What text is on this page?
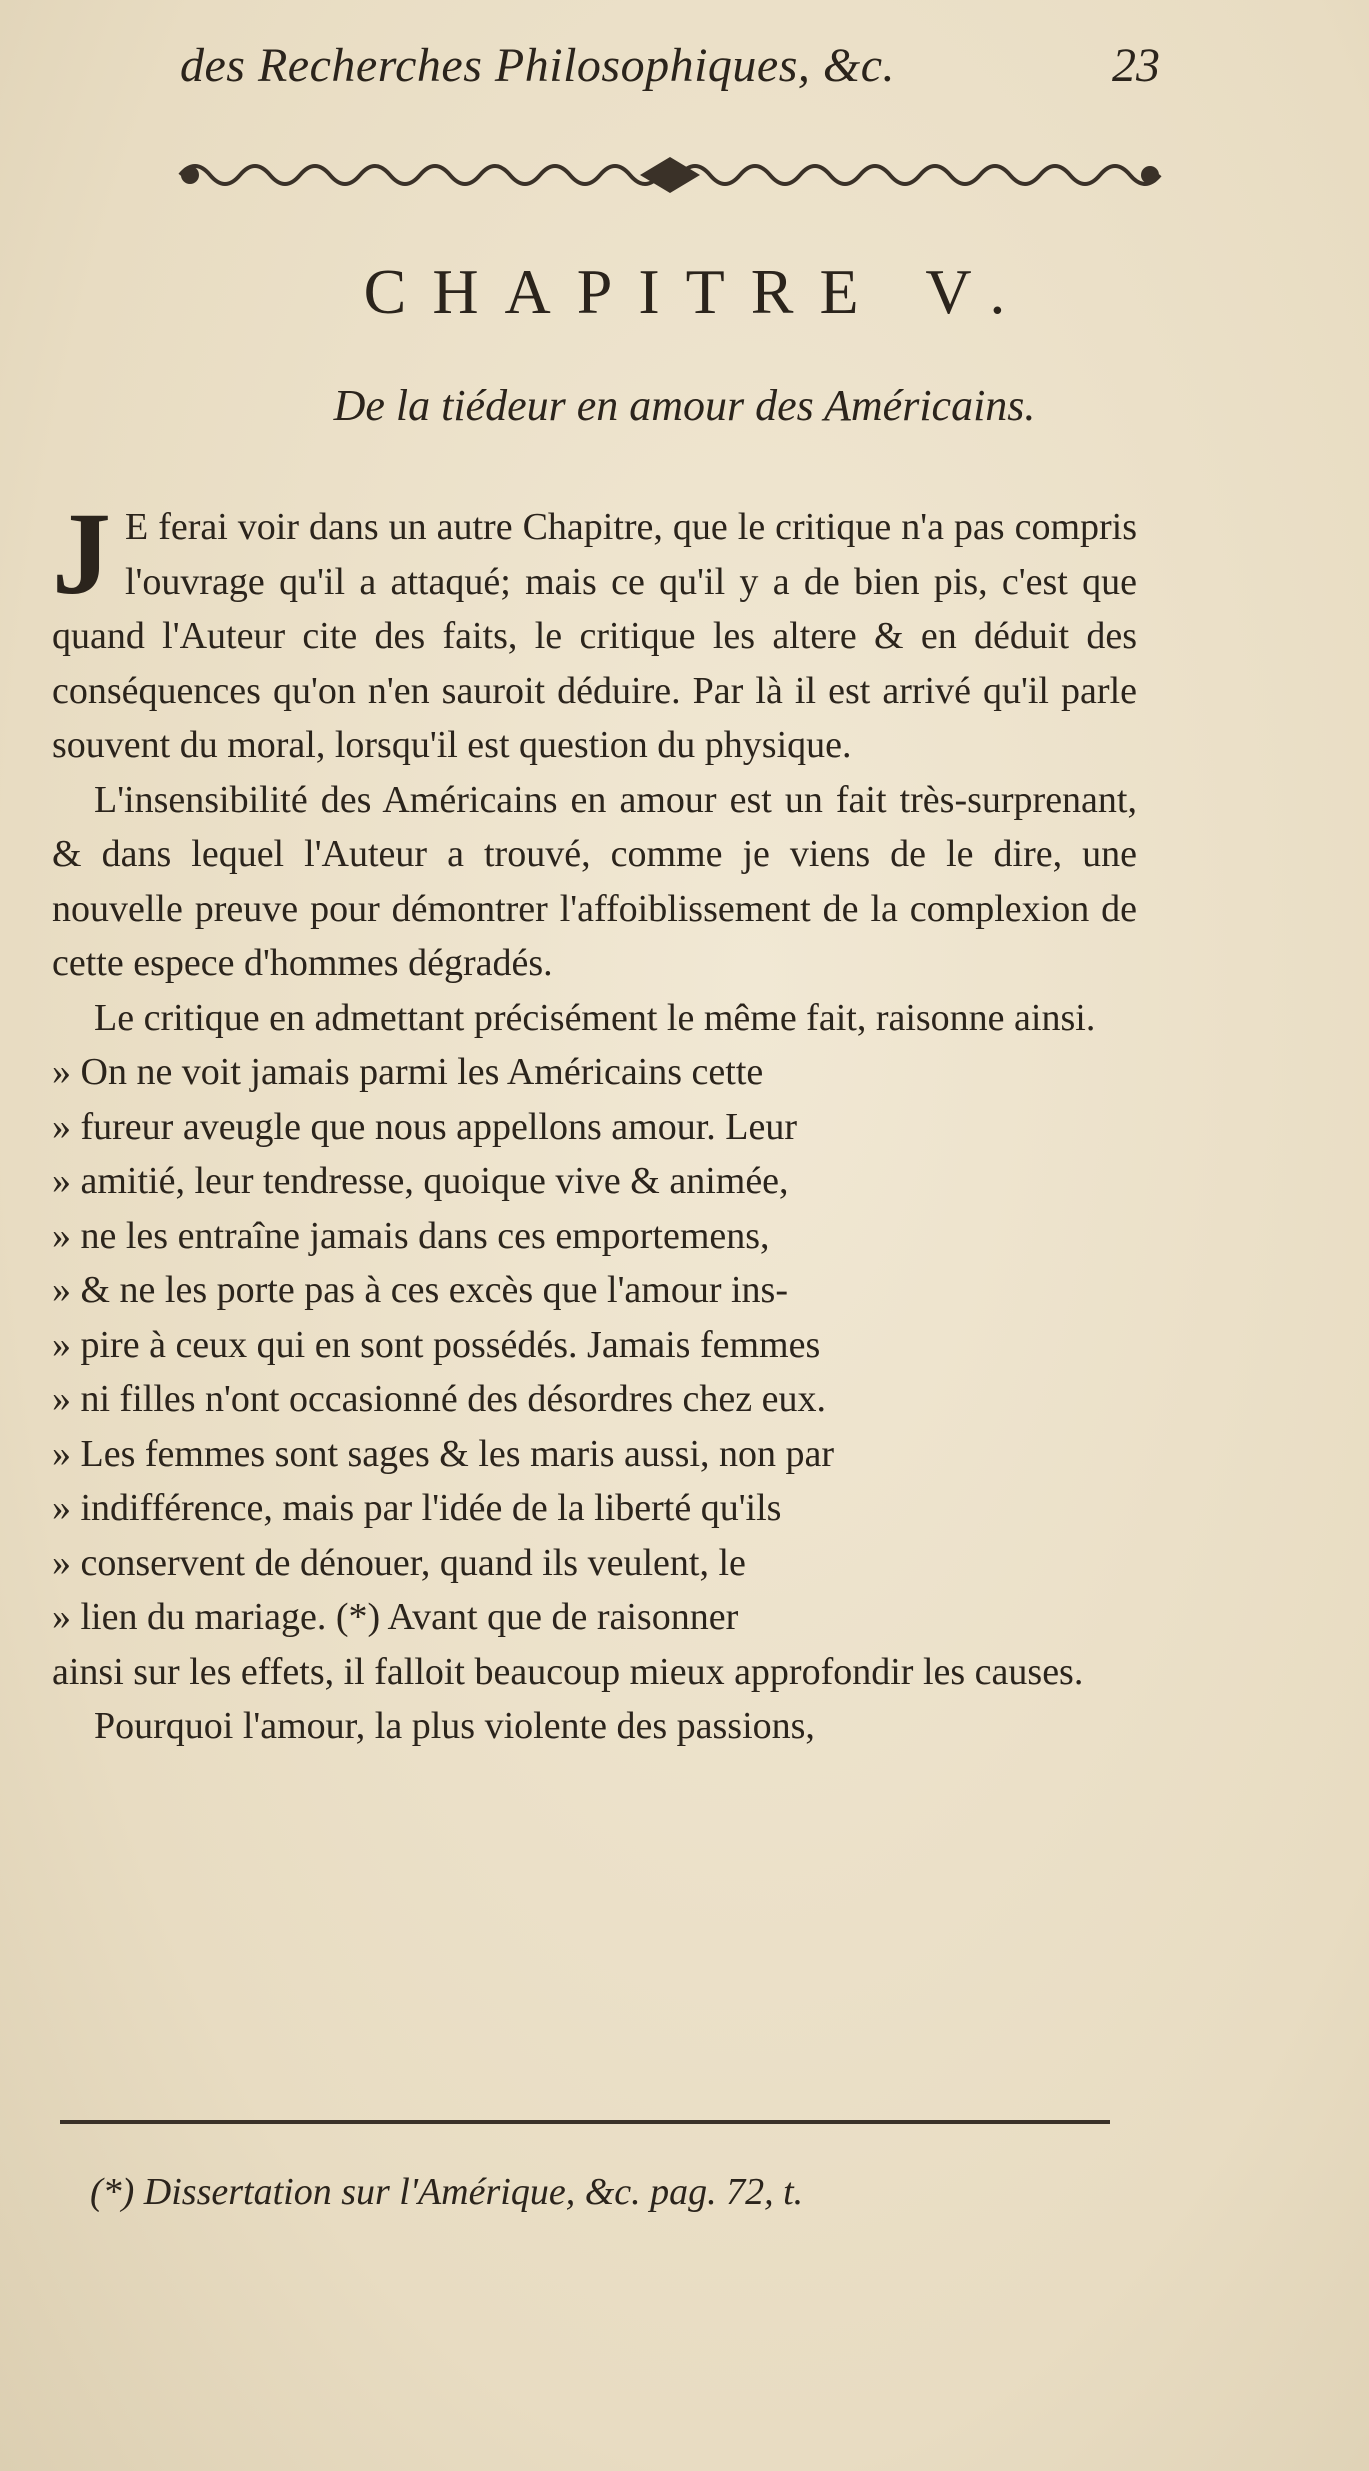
des Recherches Philosophiques, &c.	23
CHAPITRE V.
De la tiédeur en amour des Américains.

J E ferai voir dans un autre Chapitre, que le critique n'a pas compris l'ouvrage qu'il a attaqué; mais ce qu'il y a de bien pis, c'est que quand l'Auteur cite des faits, le critique les altere & en déduit des conséquences qu'on n'en sauroit déduire. Par là il est arrivé qu'il parle souvent du moral, lorsqu'il est question du physique.

L'insensibilité des Américains en amour est un fait très-surprenant, & dans lequel l'Auteur a trouvé, comme je viens de le dire, une nouvelle preuve pour démontrer l'affoiblissement de la complexion de cette espece d'hommes dégradés.

Le critique en admettant précisément le même fait, raisonne ainsi.

» On ne voit jamais parmi les Américains cette
» fureur aveugle que nous appellons amour. Leur
» amitié, leur tendresse, quoique vive & animée,
» ne les entraîne jamais dans ces emportemens,
» & ne les porte pas à ces excès que l'amour ins-
» pire à ceux qui en sont possédés. Jamais femmes
» ni filles n'ont occasionné des désordres chez eux.
» Les femmes sont sages & les maris aussi, non par
» indifférence, mais par l'idée de la liberté qu'ils
» conservent de dénouer, quand ils veulent, le
» lien du mariage. (*) Avant que de raisonner

ainsi sur les effets, il falloit beaucoup mieux approfondir les causes.

Pourquoi l'amour, la plus violente des passions,

(*) Dissertation sur l'Amérique, &c. pag. 72, t.
